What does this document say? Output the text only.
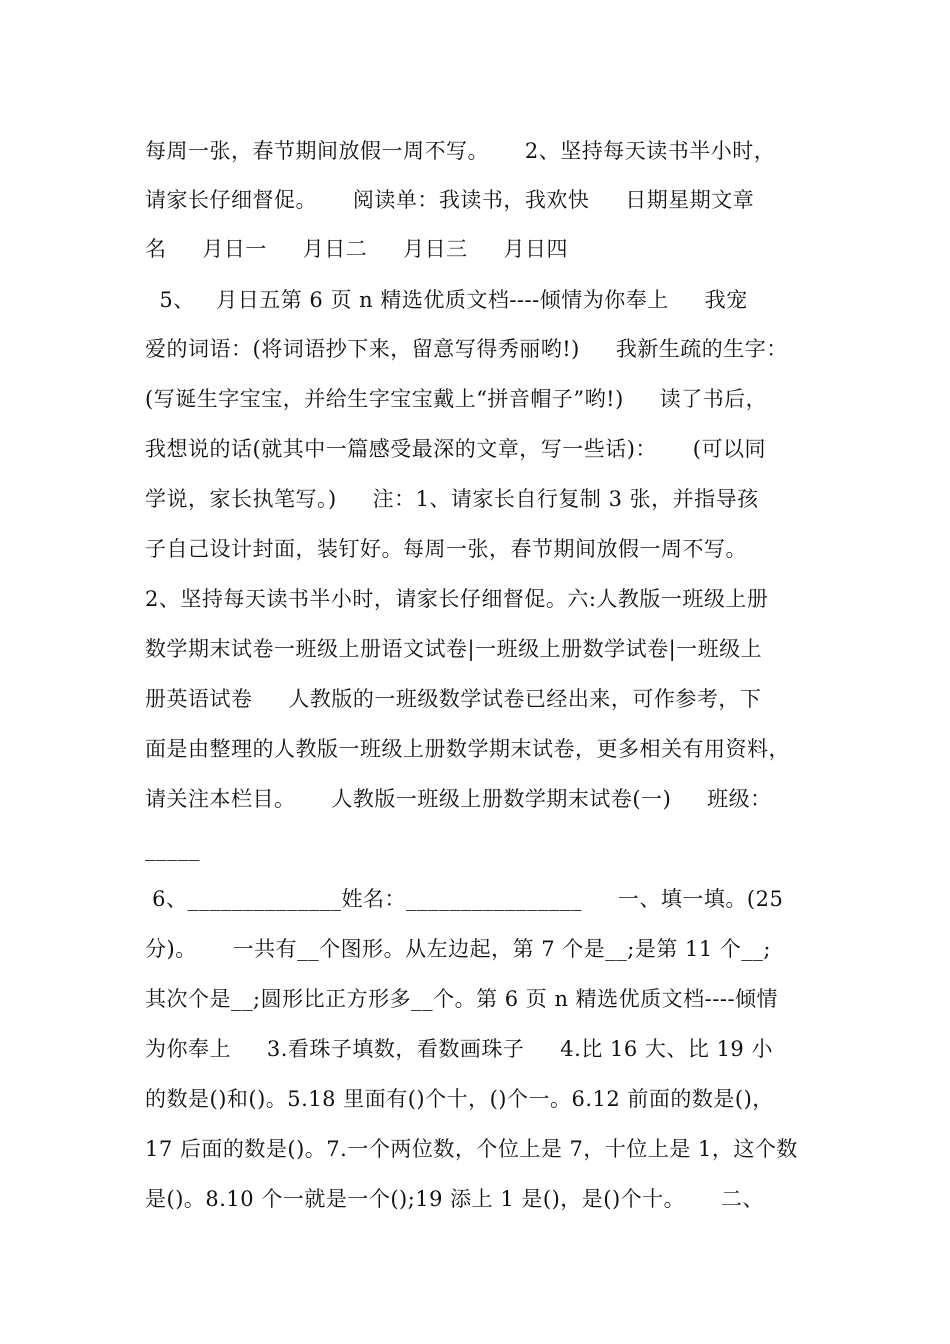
每周一张，春节期间放假一周不写。     2、坚持每天读书半小时，
请家长仔细督促。     阅读单：我读书，我欢快     日期星期文章
名     月日一     月日二     月日三     月日四
5、   月日五第 6 页 n 精选优质文档----倾情为你奉上     我宠
爱的词语：(将词语抄下来，留意写得秀丽哟!)     我新生疏的生字：
(写诞生字宝宝，并给生字宝宝戴上“拼音帽子”哟!)     读了书后，
我想说的话(就其中一篇感受最深的文章，写一些话)：     (可以同
学说，家长执笔写。)     注：1、请家长自行复制 3 张，并指导孩
子自己设计封面，装钉好。每周一张，春节期间放假一周不写。
2、坚持每天读书半小时，请家长仔细督促。六:人教版一班级上册
数学期末试卷一班级上册语文试卷|一班级上册数学试卷|一班级上
册英语试卷     人教版的一班级数学试卷已经出来，可作参考，下
面是由整理的人教版一班级上册数学期末试卷，更多相关有用资料，
请关注本栏目。     人教版一班级上册数学期末试卷(一)     班级：
_____
6、______________姓名：________________     一、填一填。(25
分)。     一共有__个图形。从左边起，第 7 个是__;是第 11 个__;
其次个是__;圆形比正方形多__个。第 6 页 n 精选优质文档----倾情
为你奉上     3.看珠子填数，看数画珠子     4.比 16 大、比 19 小
的数是()和()。5.18 里面有()个十，()个一。6.12 前面的数是()，
17 后面的数是()。7.一个两位数，个位上是 7，十位上是 1，这个数
是()。8.10 个一就是一个();19 添上 1 是()，是()个十。     二、
